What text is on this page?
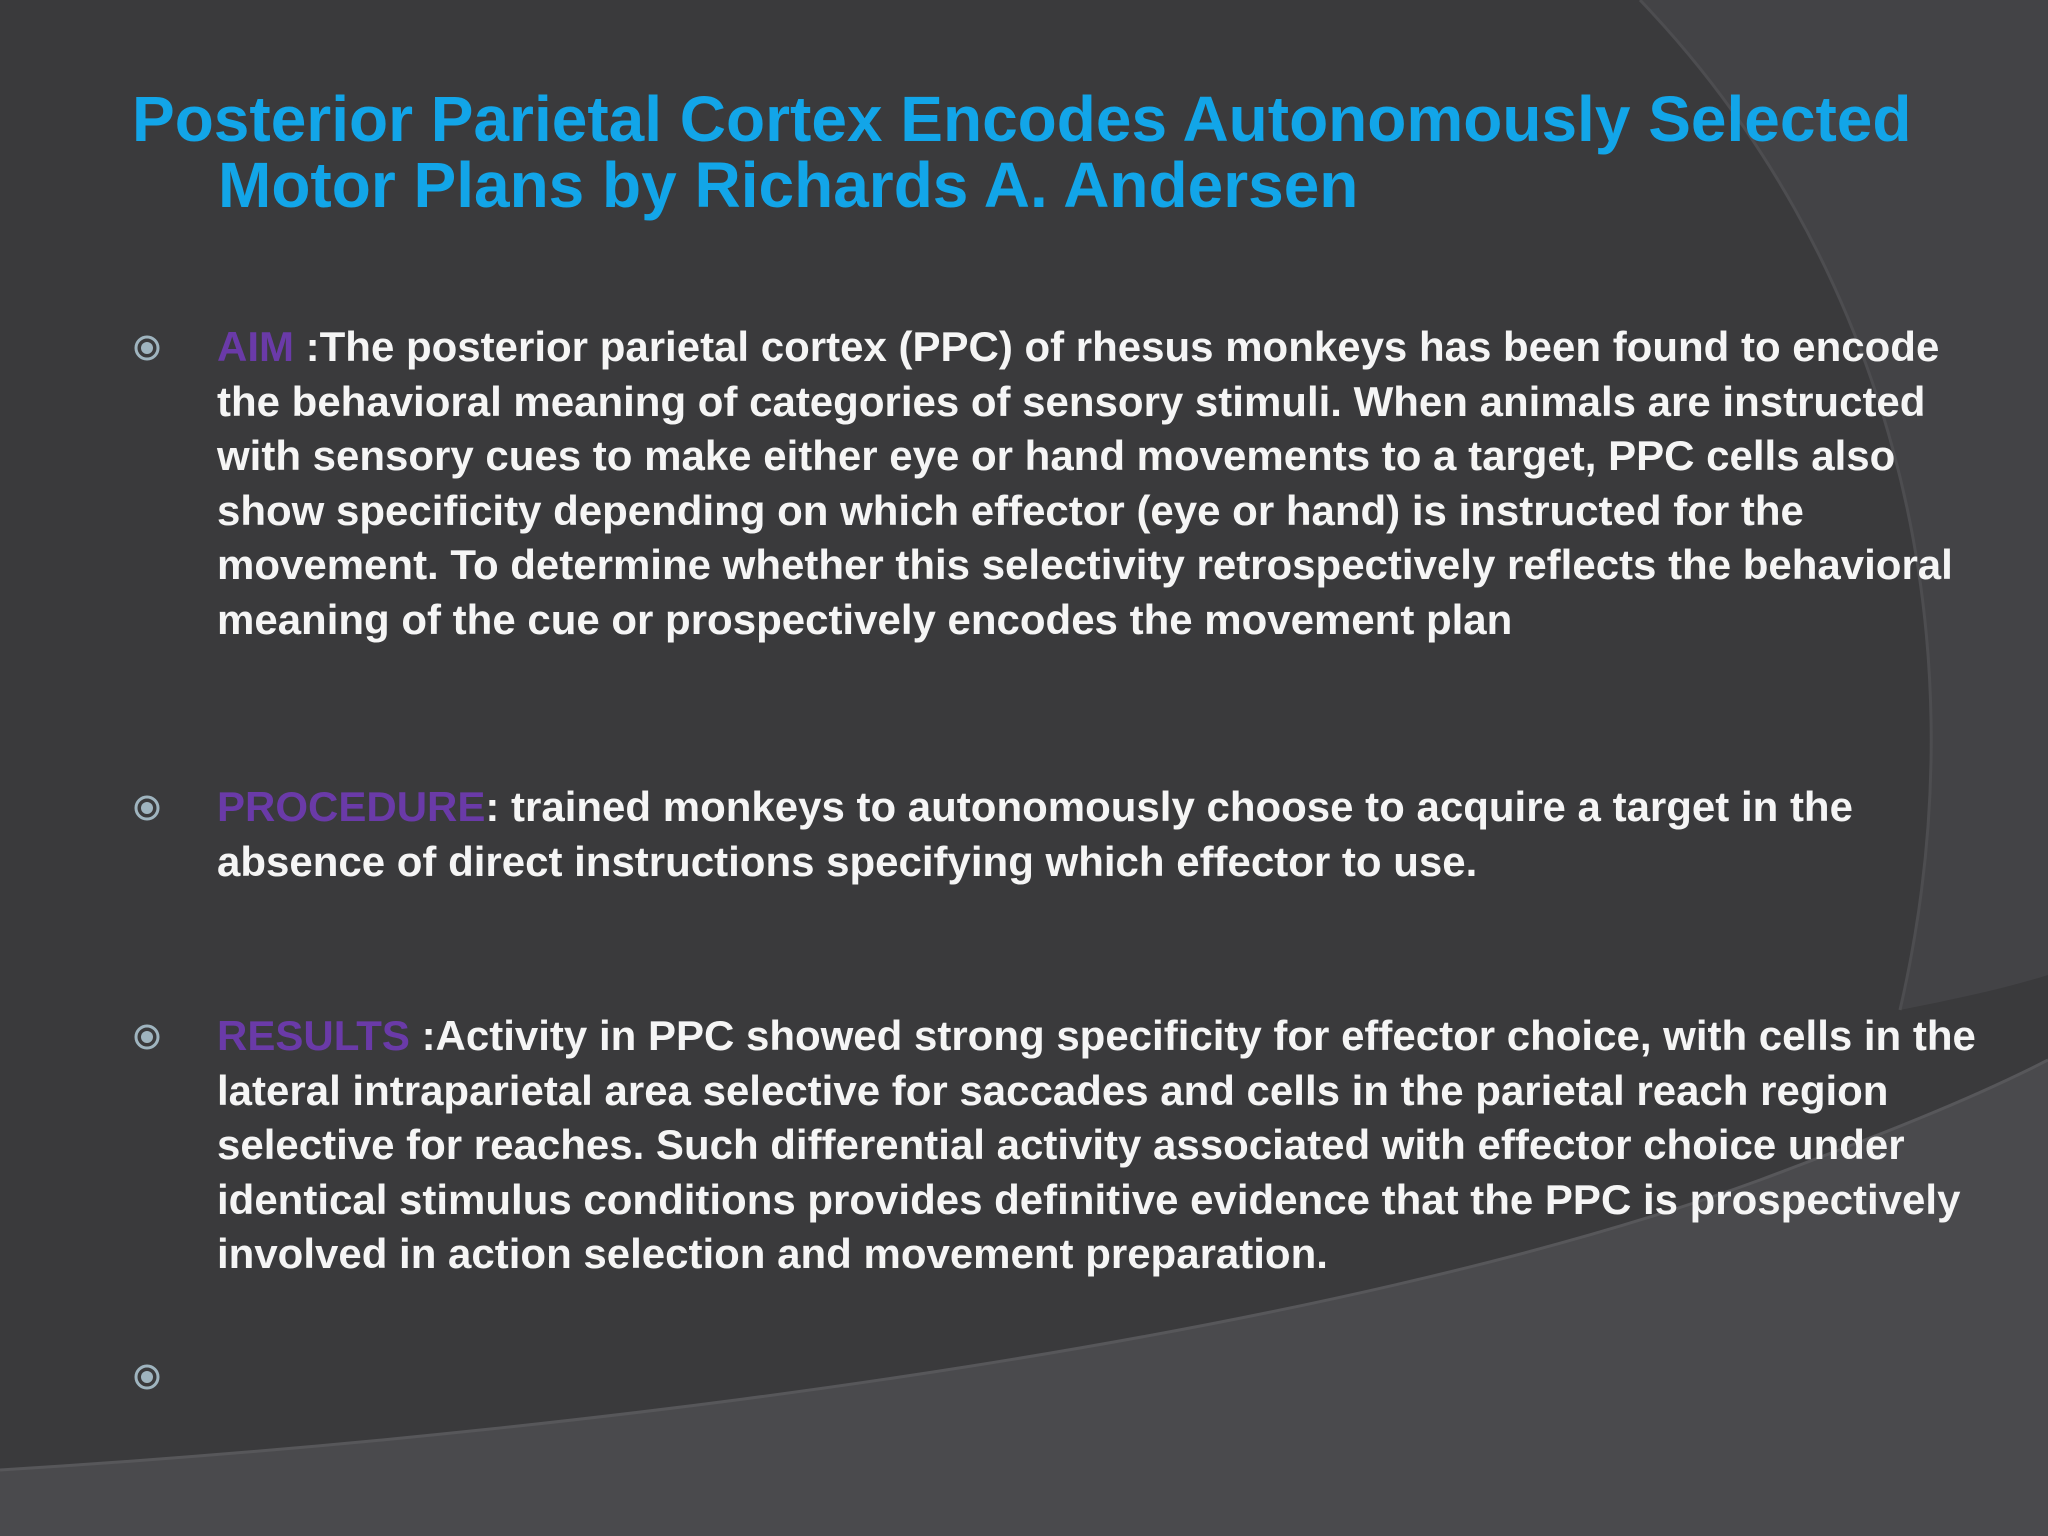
Posterior Parietal Cortex Encodes Autonomously Selected Motor Plans by Richards A. Andersen

AIM :The posterior parietal cortex (PPC) of rhesus monkeys has been found to encode the behavioral meaning of categories of sensory stimuli. When animals are instructed with sensory cues to make either eye or hand movements to a target, PPC cells also show specificity depending on which effector (eye or hand) is instructed for the movement. To determine whether this selectivity retrospectively reflects the behavioral meaning of the cue or prospectively encodes the movement plan

PROCEDURE: trained monkeys to autonomously choose to acquire a target in the absence of direct instructions specifying which effector to use.

RESULTS :Activity in PPC showed strong specificity for effector choice, with cells in the lateral intraparietal area selective for saccades and cells in the parietal reach region selective for reaches. Such differential activity associated with effector choice under identical stimulus conditions provides definitive evidence that the PPC is prospectively involved in action selection and movement preparation.
